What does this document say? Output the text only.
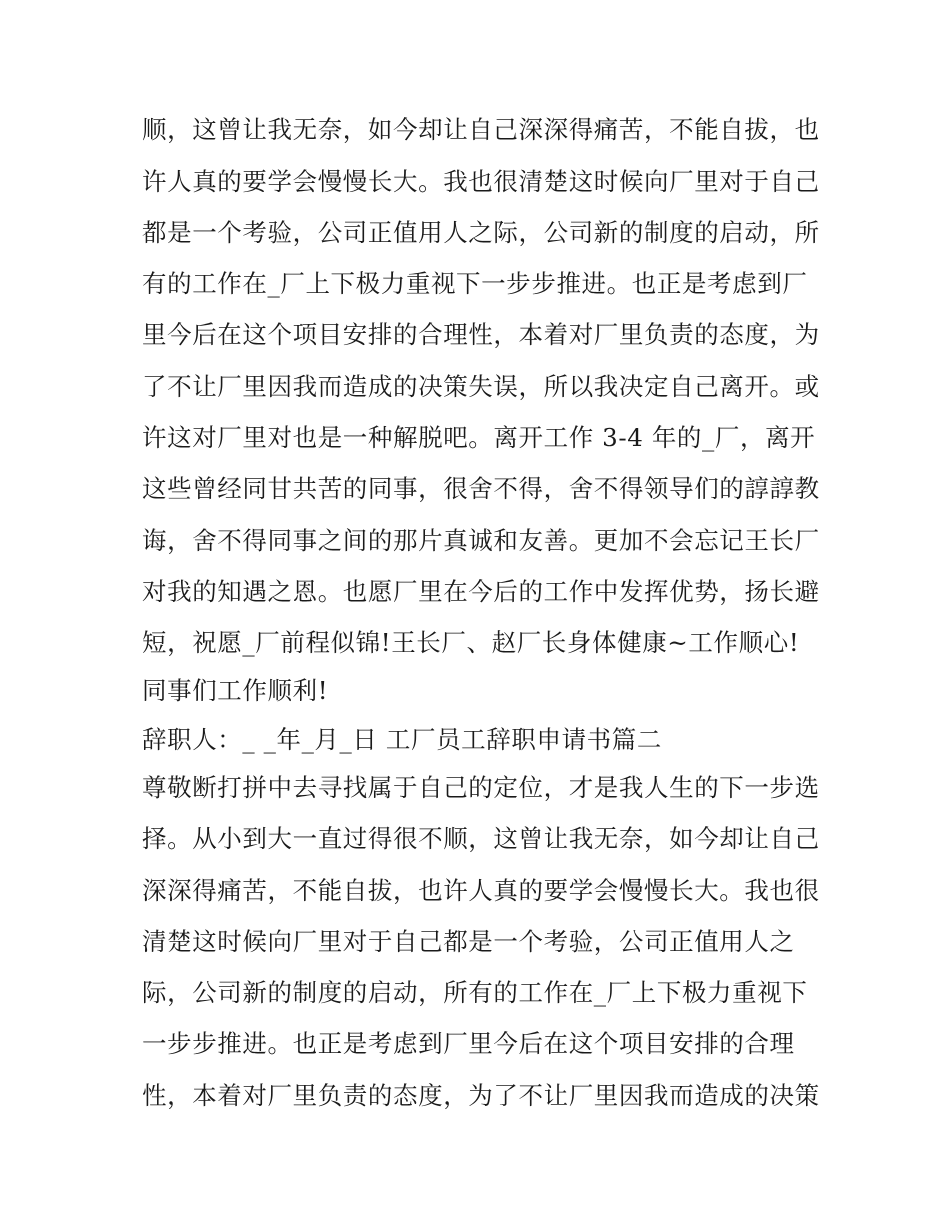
顺，这曾让我无奈，如今却让自己深深得痛苦，不能自拔，也
许人真的要学会慢慢长大。我也很清楚这时候向厂里对于自己
都是一个考验，公司正值用人之际，公司新的制度的启动，所
有的工作在_厂上下极力重视下一步步推进。也正是考虑到厂
里今后在这个项目安排的合理性，本着对厂里负责的态度，为
了不让厂里因我而造成的决策失误，所以我决定自己离开。或
许这对厂里对也是一种解脱吧。离开工作 3-4 年的_厂，离开
这些曾经同甘共苦的同事，很舍不得，舍不得领导们的諄諄教
诲，舍不得同事之间的那片真诚和友善。更加不会忘记王长厂
对我的知遇之恩。也愿厂里在今后的工作中发挥优势，扬长避
短，祝愿_厂前程似锦!王长厂、赵厂长身体健康~工作顺心!
同事们工作顺利!
辞职人：_ _年_月_日 工厂员工辞职申请书篇二
尊敬断打拼中去寻找属于自己的定位，才是我人生的下一步选
择。从小到大一直过得很不顺，这曾让我无奈，如今却让自己
深深得痛苦，不能自拔，也许人真的要学会慢慢长大。我也很
清楚这时候向厂里对于自己都是一个考验，公司正值用人之
际，公司新的制度的启动，所有的工作在_厂上下极力重视下
一步步推进。也正是考虑到厂里今后在这个项目安排的合理
性，本着对厂里负责的态度，为了不让厂里因我而造成的决策
